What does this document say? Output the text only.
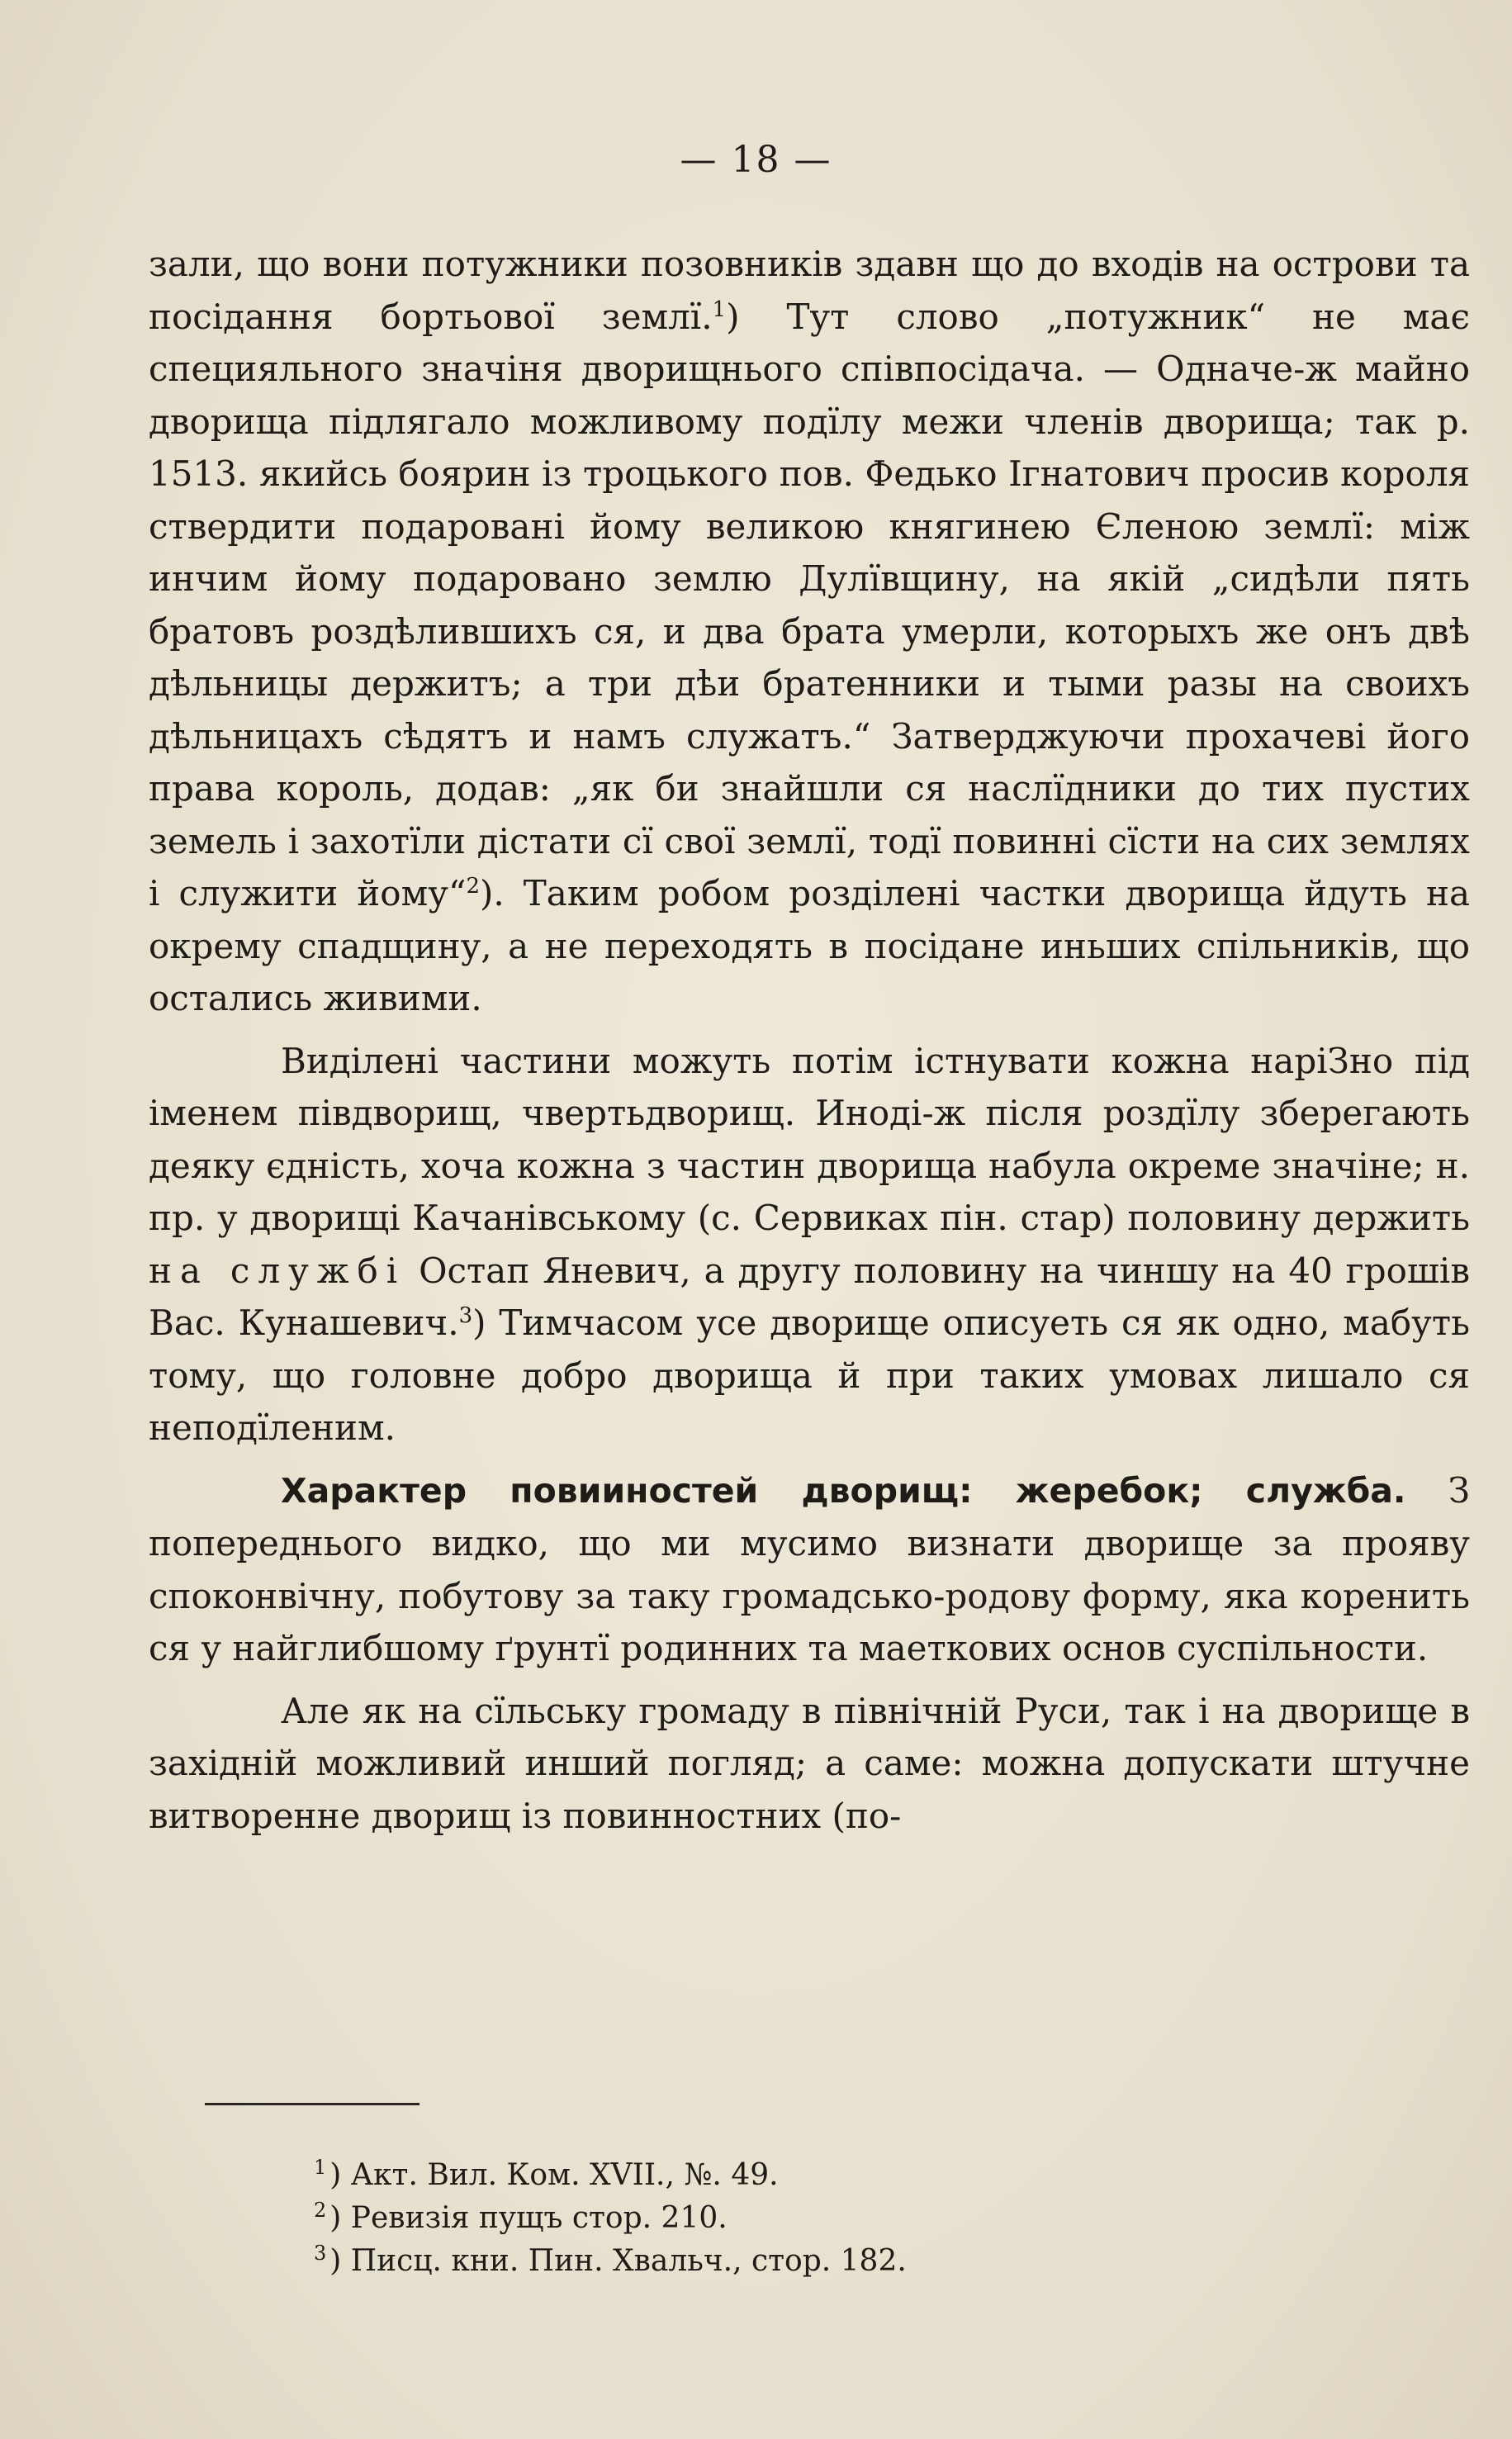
— 18 —

зали, що вони потужники позовників здавн що до входів на острови та посідання бортьової землї.$^1$) Тут слово „потужник“ не має специяльного значіня дворищнього співпосідача. — Одначе-ж майно дворища підлягало можливому подїлу межи членів дворища; так р. 1513. якийсь боярин із троцького пов. Федько Ігнатович просив короля ствердити подаровані йому великою княгинею Єленою землї: між инчим йому подаровано землю Дулївщину, на якій „сидѣли пять братовъ роздѣлившихъ ся, и два брата умерли, которыхъ же онъ двѣ дѣльницы держитъ; а три дѣи братенники и тыми разы на своихъ дѣльницахъ сѣдятъ и намъ служатъ.“ Затверджуючи прохачеві його права король, додав: „як би знайшли ся наслїдники до тих пустих земель і захотїли дістати сї свої землї, тодї повинні сїсти на сих землях і служити йому“$^2$). Таким робом розділені частки дворища йдуть на окрему спадщину, а не переходять в посідане иньших спільників, що остались живими.

Виділені частини можуть потім істнувати кожна наріЗно під іменем півдворищ, чвертьдворищ. Иноді-ж після роздїлу зберегають деяку єдність, хоча кожна з частин дворища набула окреме значіне; н. пр. у дворищі Качанівському (с. Сервиках пін. стар) половину держить на службі Остап Яневич, а другу половину на чиншу на 40 грошів Вас. Кунашевич.$^3$) Тимчасом усе дворище описуеть ся як одно, мабуть тому, що головне добро дворища й при таких умовах лишало ся неподїленим.

Характер повииностей дворищ: жеребок; служба. З попереднього видко, що ми мусимо визнати дворище за прояву споконвічну, побутову за таку громадсько-родову форму, яка коренить ся у найглибшому ґрунтї родинних та маеткових основ суспільности.

Але як на сїльську громаду в північній Руси, так і на дворище в західній можливий инший погляд; а саме: можна допускати штучне витворенне дворищ із повинностних (по-

$^1$ ) Акт. Вил. Ком. XVII., №. 49.
$^2$ ) Ревизія пущъ стор. 210.
$^3$ ) Писц. кни. Пин. Хвальч., стор. 182.
